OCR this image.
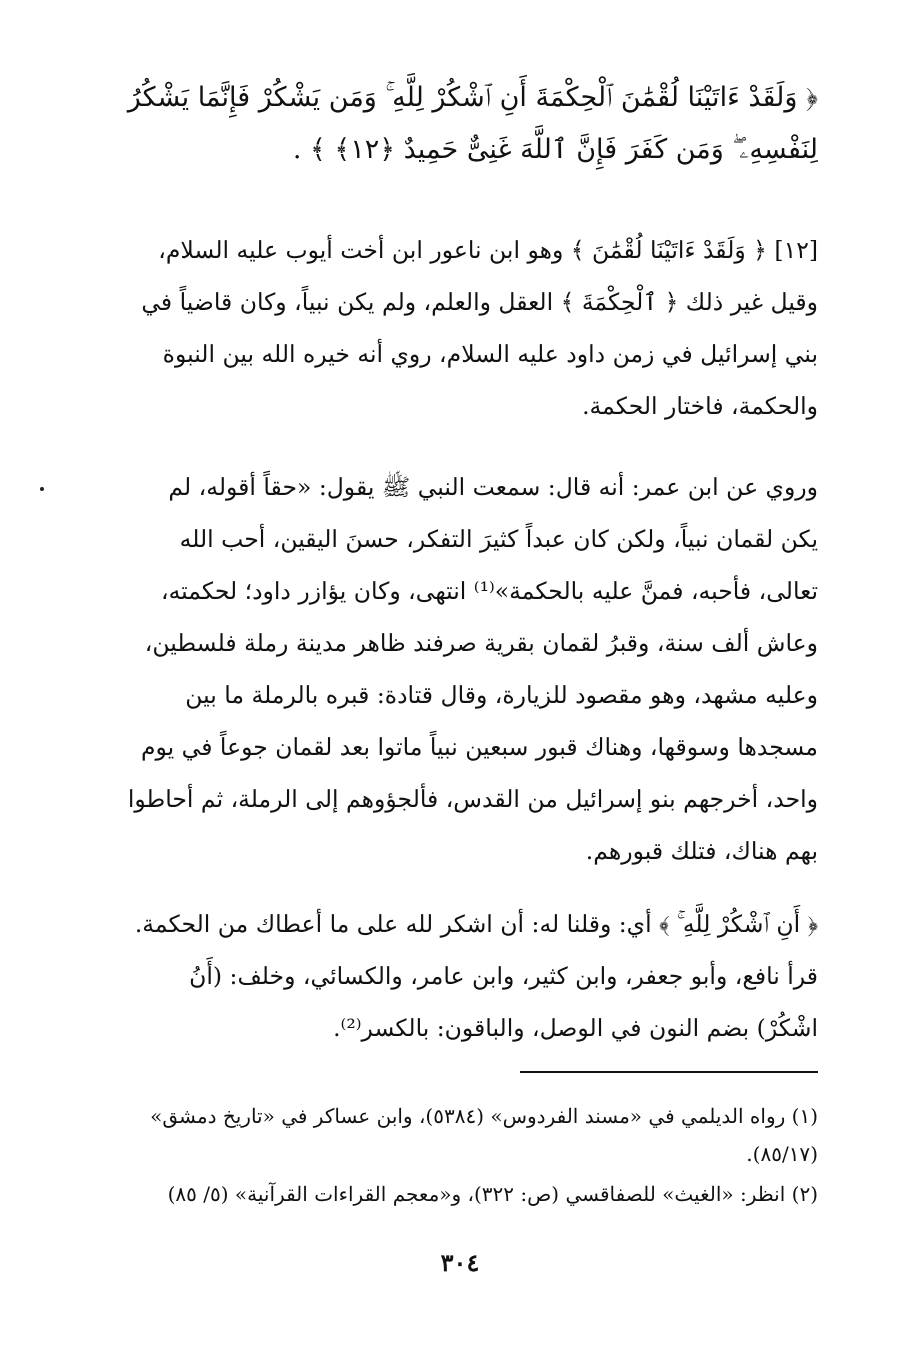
﴿ وَلَقَدْ ءَاتَيْنَا لُقْمَٰنَ ٱلْحِكْمَةَ أَنِ ٱشْكُرْ لِلَّهِ ۚ وَمَن يَشْكُرْ فَإِنَّمَا يَشْكُرُ
لِنَفْسِهِۦ ۖ وَمَن كَفَرَ فَإِنَّ ٱللَّهَ غَنِىٌّ حَمِيدٌ ﴿١٢﴾ ﴾ .
[١٢] ﴿ وَلَقَدْ ءَاتَيْنَا لُقْمَٰنَ ﴾ وهو ابن ناعور ابن أخت أيوب عليه السلام،
وقيل غير ذلك ﴿ ٱلْحِكْمَةَ ﴾ العقل والعلم، ولم يكن نبياً، وكان قاضياً في
بني إسرائيل في زمن داود عليه السلام، روي أنه خيره الله بين النبوة
والحكمة، فاختار الحكمة.
وروي عن ابن عمر: أنه قال: سمعت النبي ﷺ يقول: «حقاً أقوله، لم
يكن لقمان نبياً، ولكن كان عبداً كثيرَ التفكر، حسنَ اليقين، أحب الله
تعالى، فأحبه، فمنَّ عليه بالحكمة»⁽¹⁾ انتهى، وكان يؤازر داود؛ لحكمته،
وعاش ألف سنة، وقبرُ لقمان بقرية صرفند ظاهر مدينة رملة فلسطين،
وعليه مشهد، وهو مقصود للزيارة، وقال قتادة: قبره بالرملة ما بين
مسجدها وسوقها، وهناك قبور سبعين نبياً ماتوا بعد لقمان جوعاً في يوم
واحد، أخرجهم بنو إسرائيل من القدس، فألجؤوهم إلى الرملة، ثم أحاطوا
بهم هناك، فتلك قبورهم.
﴿ أَنِ ٱشْكُرْ لِلَّهِ ۚ ﴾ أي: وقلنا له: أن اشكر لله على ما أعطاك من الحكمة.
قرأ نافع، وأبو جعفر، وابن كثير، وابن عامر، والكسائي، وخلف: (أَنُ
اشْكُرْ) بضم النون في الوصل، والباقون: بالكسر⁽²⁾.
(١) رواه الديلمي في «مسند الفردوس» (٥٣٨٤)، وابن عساكر في «تاريخ دمشق»
(٨٥/١٧).
(٢) انظر: «الغيث» للصفاقسي (ص: ٣٢٢)، و«معجم القراءات القرآنية» (٥/ ٨٥)
٣٠٤
